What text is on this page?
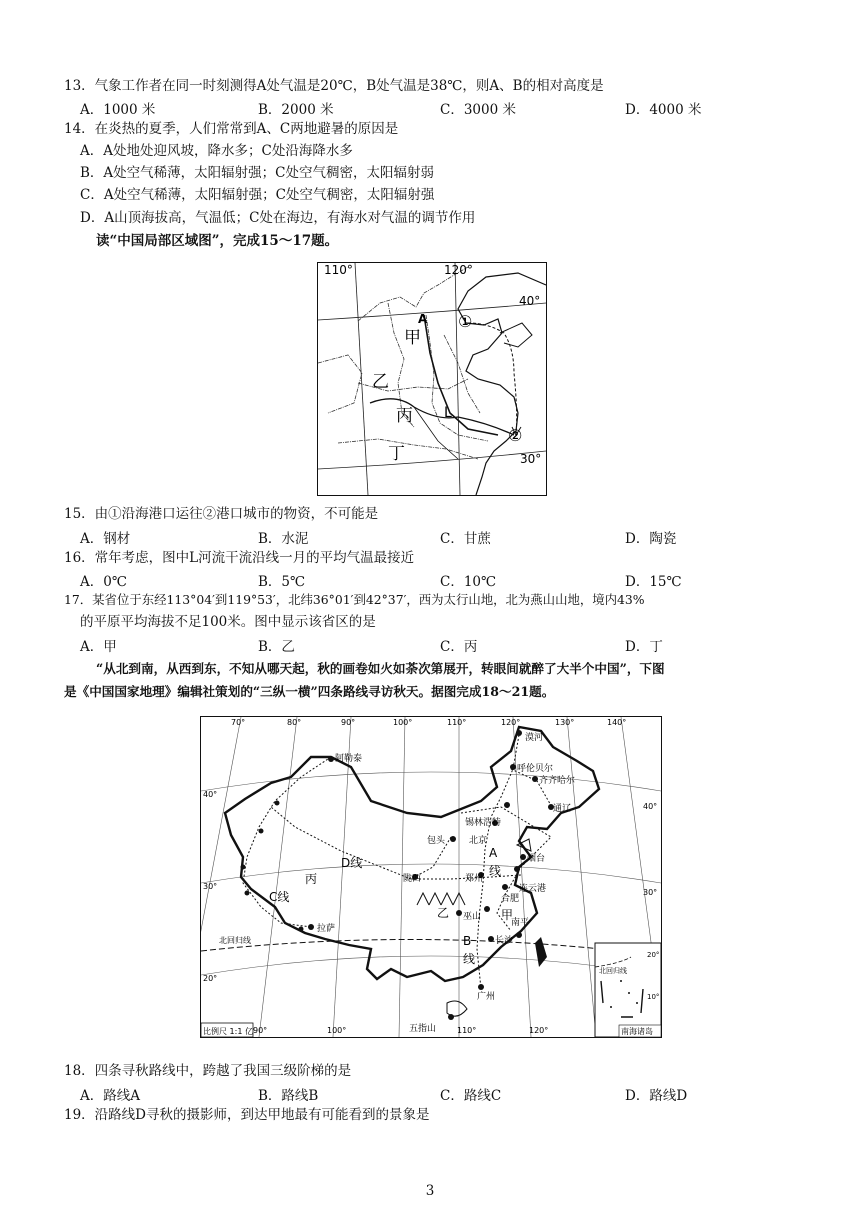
13．气象工作者在同一时刻测得A处气温是20℃，B处气温是38℃，则A、B的相对高度是
A．1000 米	B．2000 米	C．3000 米	D．4000 米
14．在炎热的夏季，人们常常到A、C两地避暑的原因是
A．A处地处迎风坡，降水多；C处沿海降水多
B．A处空气稀薄，太阳辐射强；C处空气稠密，太阳辐射弱
C．A处空气稀薄，太阳辐射强；C处空气稠密，太阳辐射强
D．A山顶海拔高，气温低；C处在海边，有海水对气温的调节作用
读“中国局部区域图”，完成15～17题。
110°	120°
40°
30°
甲
乙
丙
丁
L
A ①
②
15．由①沿海港口运往②港口城市的物资，不可能是
A．钢材	B．水泥	C．甘蔗	D．陶瓷
16．常年考虑，图中L河流干流沿线一月的平均气温最接近
A．0℃	B．5℃	C．10℃	D．15℃
17．某省位于东经113°04′到119°53′，北纬36°01′到42°37′，西为太行山地，北为燕山山地，境内43%
的平原平均海拔不足100米。图中显示该省区的是
A．甲	B．乙	C．丙	D．丁
“从北到南，从西到东，不知从哪天起，秋的画卷如火如荼次第展开，转眼间就醉了大半个中国”，下图
是《中国国家地理》编辑社策划的“三纵一横”四条路线寻访秋天。据图完成18～21题。
漠河
呼伦贝尔
齐齐哈尔
通辽
锡林浩特
北京
包头
烟台
连云港
郑州
陇西
合肥
巫山
长沙
南平
广州
五指山
拉萨
阿勒泰
A
线
B
线
C线
D线
丙
乙	甲
70°	80°	90°	100°	110°	120°	130°	140°
40°
30°
20°
40°
30°
90°	100°	110°	120°
北回归线
比例尺 1:1 亿
北回归线
20°
10°
南海诸岛
18．四条寻秋路线中，跨越了我国三级阶梯的是
A．路线A	B．路线B	C．路线C	D．路线D
19．沿路线D寻秋的摄影师，到达甲地最有可能看到的景象是
3
